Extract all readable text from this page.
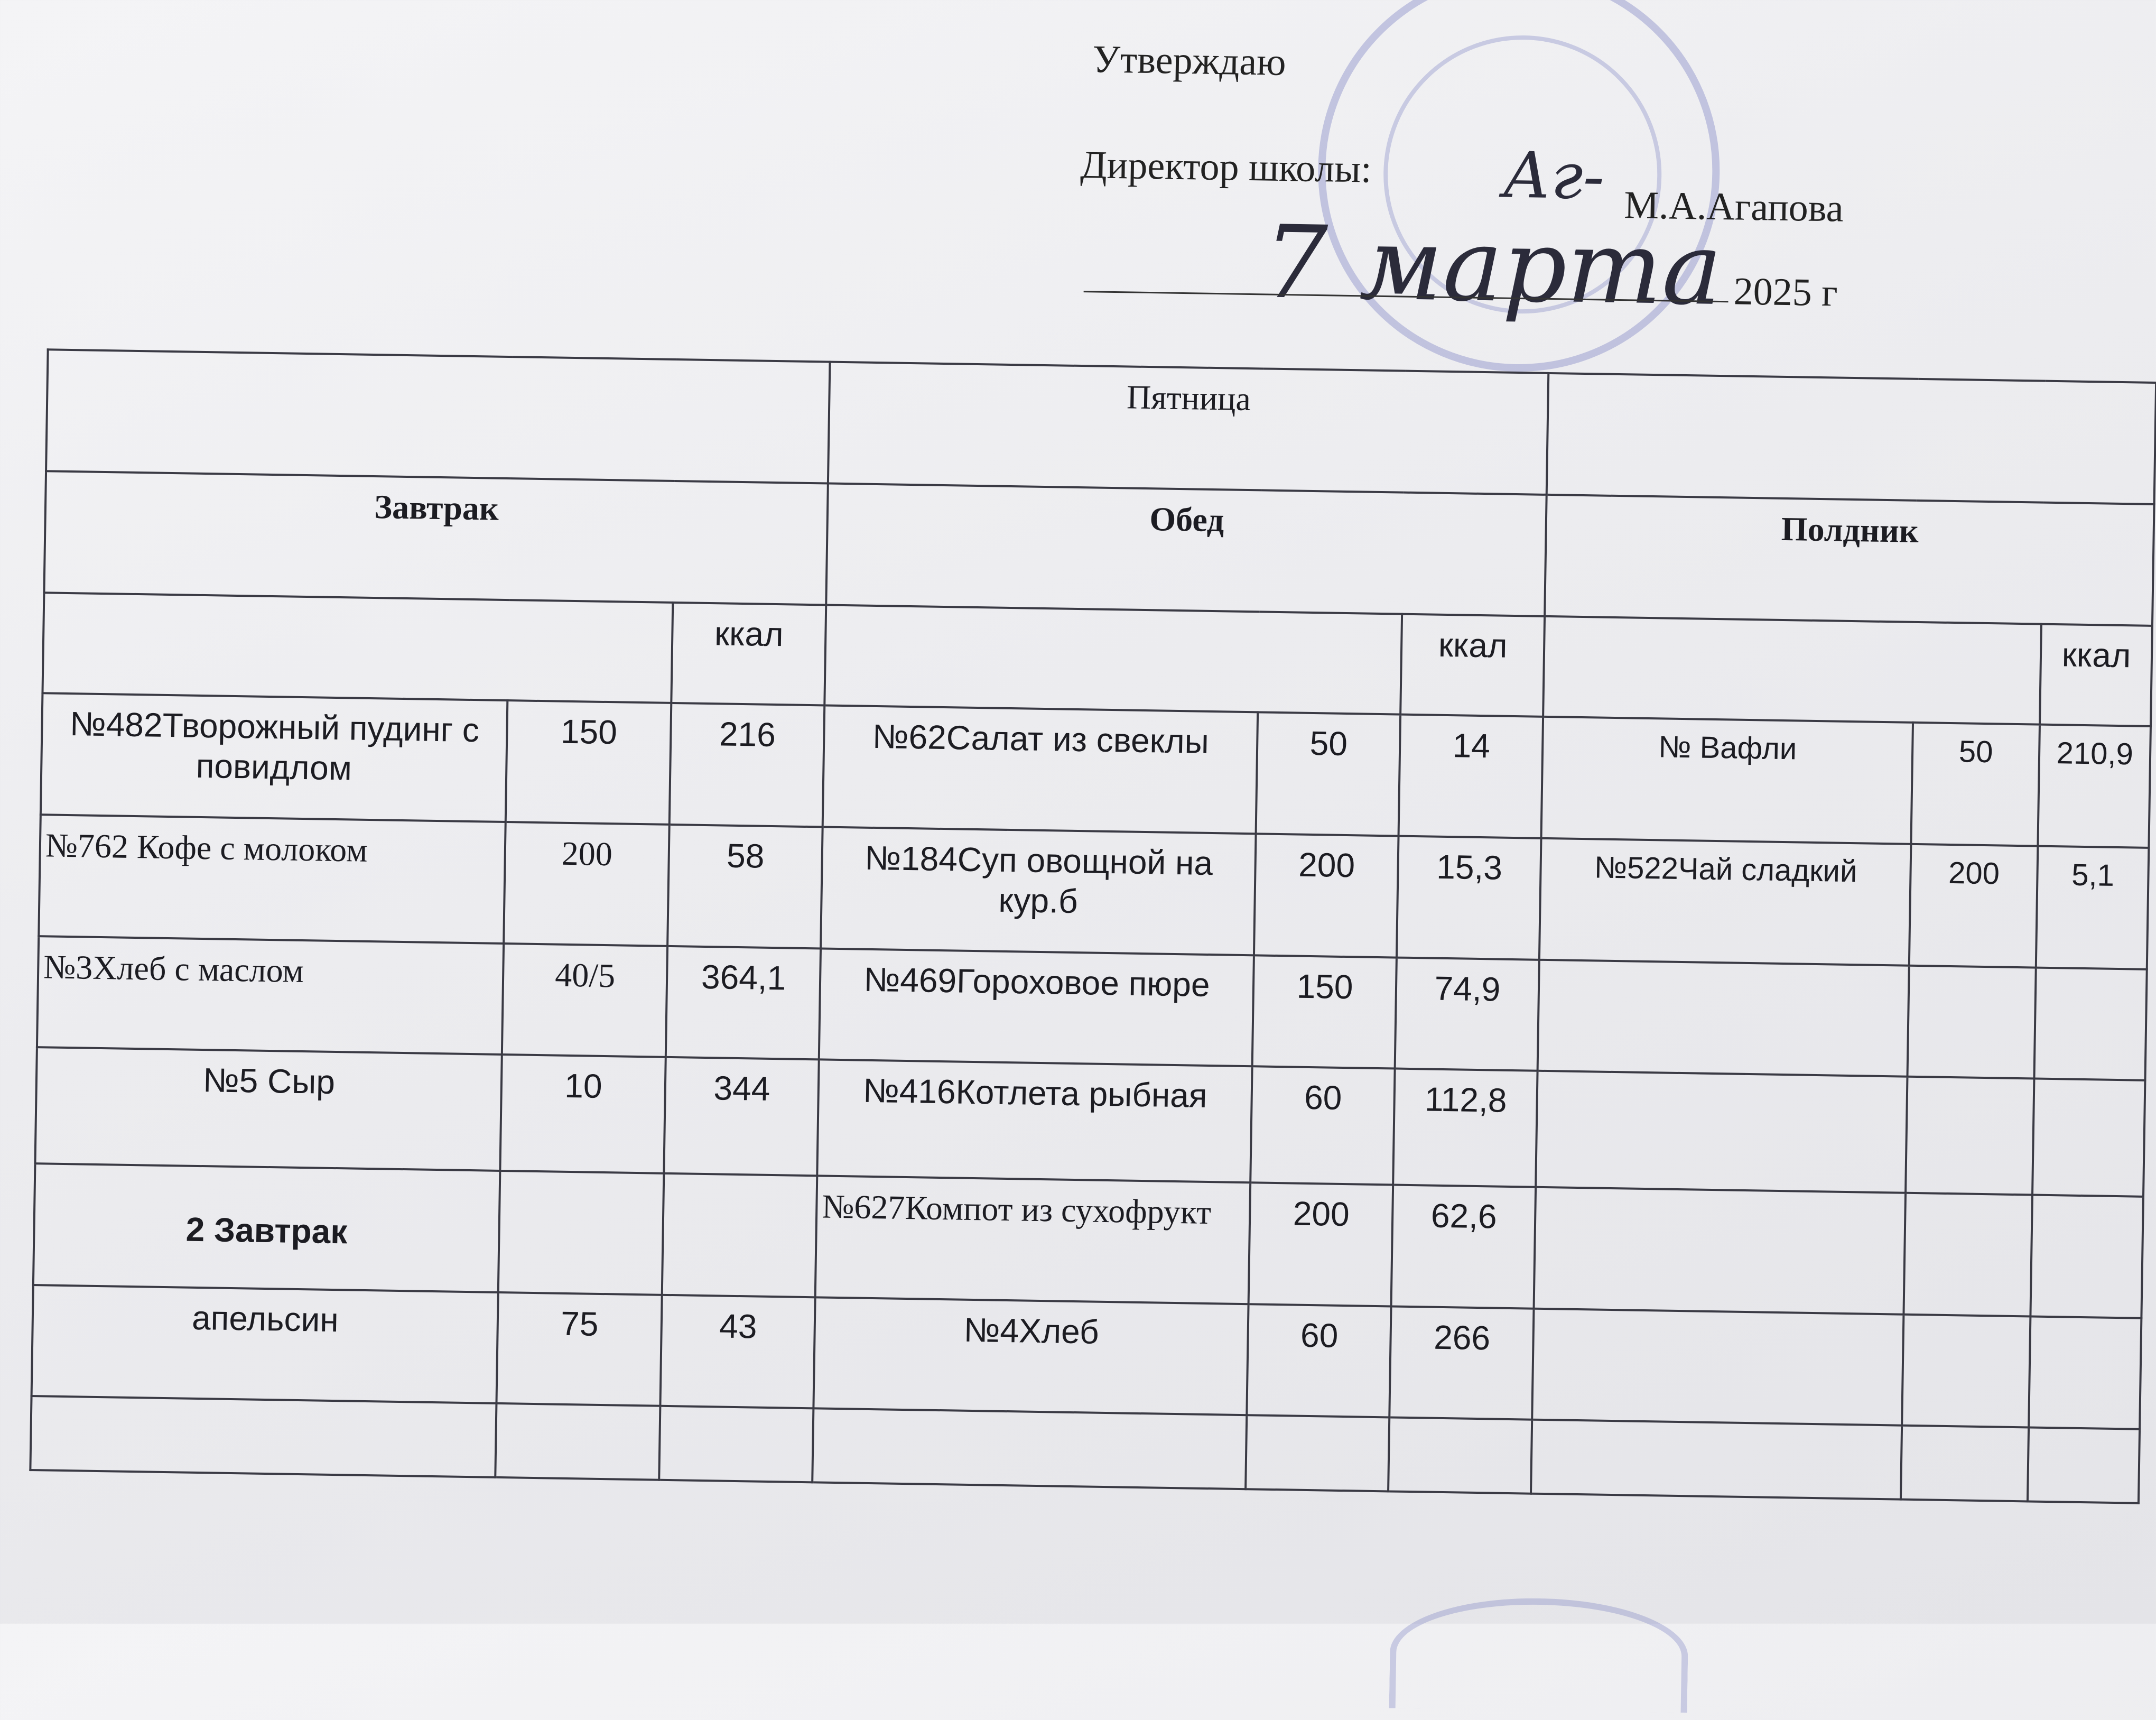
Утверждаю
Директор школы: Аг- М.А.Агапова
7 марта 2025 г
			Пятница					
Завтрак			Обед			Полдник		
		ккал			ккал			ккал
№482Творожный пудинг с повидлом	150	216	№62Салат из свеклы	50	14	№ Вафли	50	210,9
№762 Кофе с молоком	200	58	№184Суп овощной на кур.б	200	15,3	№522Чай сладкий	200	5,1
№3Хлеб с маслом	40/5	364,1	№469Гороховое пюре	150	74,9			
№5 Сыр	10	344	№416Котлета рыбная	60	112,8			
2 Завтрак			№627Компот из сухофрукт	200	62,6			
апельсин	75	43	№4Хлеб	60	266			
